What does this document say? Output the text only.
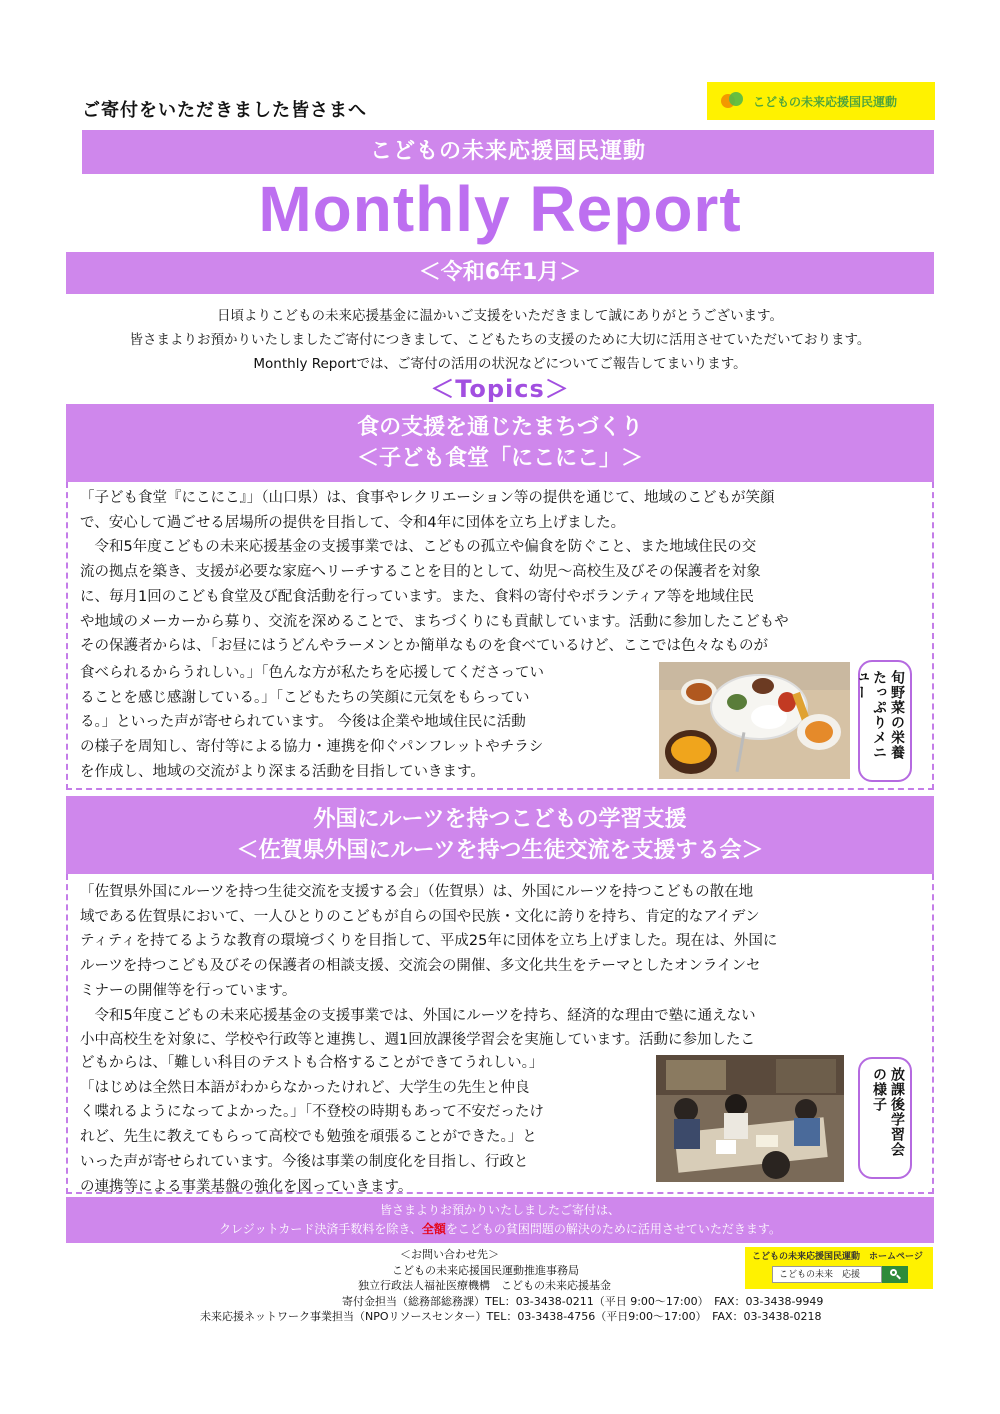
ご寄付をいただきました皆さまへ	こどもの未来応援国民運動
こどもの未来応援国民運動
Monthly Report
＜令和6年1月＞
日頃よりこどもの未来応援基金に温かいご支援をいただきまして誠にありがとうございます。
皆さまよりお預かりいたしましたご寄付につきまして、こどもたちの支援のために大切に活用させていただいております。
Monthly Reportでは、ご寄付の活用の状況などについてご報告してまいります。
＜Topics＞
食の支援を通じたまちづくり
＜子ども食堂「にこにこ」＞

「子ども食堂『にこにこ』」（山口県）は、食事やレクリエーション等の提供を通じて、地域のこどもが笑顔

で、安心して過ごせる居場所の提供を目指して、令和4年に団体を立ち上げました。

　令和5年度こどもの未来応援基金の支援事業では、こどもの孤立や偏食を防ぐこと、また地域住民の交

流の拠点を築き、支援が必要な家庭へリーチすることを目的として、幼児～高校生及びその保護者を対象

に、毎月1回のこども食堂及び配食活動を行っています。また、食料の寄付やボランティア等を地域住民

や地域のメーカーから募り、交流を深めることで、まちづくりにも貢献しています。活動に参加したこどもや

その保護者からは、「お昼にはうどんやラーメンとか簡単なものを食べているけど、ここでは色々なものが

食べられるからうれしい。」「色んな方が私たちを応援してくださってい

ることを感じ感謝している。」「こどもたちの笑顔に元気をもらってい

る。」といった声が寄せられています。 今後は企業や地域住民に活動

の様子を周知し、寄付等による協力・連携を仰ぐパンフレットやチラシ

を作成し、地域の交流がより深まる活動を目指していきます。

旬野菜の栄養たっぷりメニュー
外国にルーツを持つこどもの学習支援
＜佐賀県外国にルーツを持つ生徒交流を支援する会＞

「佐賀県外国にルーツを持つ生徒交流を支援する会」（佐賀県）は、外国にルーツを持つこどもの散在地

域である佐賀県において、一人ひとりのこどもが自らの国や民族・文化に誇りを持ち、肯定的なアイデン

ティティを持てるような教育の環境づくりを目指して、平成25年に団体を立ち上げました。現在は、外国に

ルーツを持つこども及びその保護者の相談支援、交流会の開催、多文化共生をテーマとしたオンラインセ

ミナーの開催等を行っています。

　令和5年度こどもの未来応援基金の支援事業では、外国にルーツを持ち、経済的な理由で塾に通えない

小中高校生を対象に、学校や行政等と連携し、週1回放課後学習会を実施しています。活動に参加したこ

どもからは、「難しい科目のテストも合格することができてうれしい。」

「はじめは全然日本語がわからなかったけれど、大学生の先生と仲良

く喋れるようになってよかった。」「不登校の時期もあって不安だったけ

れど、先生に教えてもらって高校でも勉強を頑張ることができた。」と

いった声が寄せられています。今後は事業の制度化を目指し、行政と

の連携等による事業基盤の強化を図っていきます。

放課後学習会の様子
皆さまよりお預かりいたしましたご寄付は、
クレジットカード決済手数料を除き、全額をこどもの貧困問題の解決のために活用させていただきます。
＜お問い合わせ先＞
こどもの未来応援国民運動推進事務局
独立行政法人福祉医療機構　こどもの未来応援基金
寄付金担当（総務部総務課）TEL：03-3438-0211（平日 9:00～17:00）　FAX：03-3438-9949
未来応援ネットワーク事業担当（NPOリソースセンター）TEL：03-3438-4756（平日9:00～17:00）　FAX：03-3438-0218
こどもの未来応援国民運動　ホームページ
こどもの未来　応援
